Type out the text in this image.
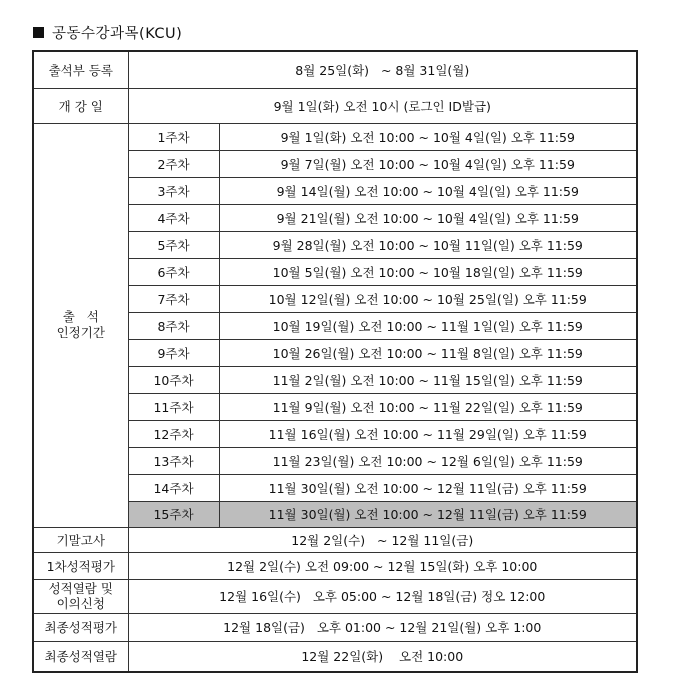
공동수강과목(KCU)
출석부 등록	8월 25일(화)   ~ 8월 31일(월)	
개 강 일	9월 1일(화) 오전 10시 (로그인 ID발급)	
출   석
인정기간	1주차	9월 1일(화) 오전 10:00 ~ 10월 4일(일) 오후 11:59
	2주차	9월 7일(월) 오전 10:00 ~ 10월 4일(일) 오후 11:59
	3주차	9월 14일(월) 오전 10:00 ~ 10월 4일(일) 오후 11:59
	4주차	9월 21일(월) 오전 10:00 ~ 10월 4일(일) 오후 11:59
	5주차	9월 28일(월) 오전 10:00 ~ 10월 11일(일) 오후 11:59
	6주차	10월 5일(월) 오전 10:00 ~ 10월 18일(일) 오후 11:59
	7주차	10월 12일(월) 오전 10:00 ~ 10월 25일(일) 오후 11:59
	8주차	10월 19일(월) 오전 10:00 ~ 11월 1일(일) 오후 11:59
	9주차	10월 26일(월) 오전 10:00 ~ 11월 8일(일) 오후 11:59
	10주차	11월 2일(월) 오전 10:00 ~ 11월 15일(일) 오후 11:59
	11주차	11월 9일(월) 오전 10:00 ~ 11월 22일(일) 오후 11:59
	12주차	11월 16일(월) 오전 10:00 ~ 11월 29일(일) 오후 11:59
	13주차	11월 23일(월) 오전 10:00 ~ 12월 6일(일) 오후 11:59
	14주차	11월 30일(월) 오전 10:00 ~ 12월 11일(금) 오후 11:59
	15주차	11월 30일(월) 오전 10:00 ~ 12월 11일(금) 오후 11:59
기말고사	12월 2일(수)   ~ 12월 11일(금)	
1차성적평가	12월 2일(수) 오전 09:00 ~ 12월 15일(화) 오후 10:00	
성적열람 및
이의신청	12월 16일(수)   오후 05:00 ~ 12월 18일(금) 정오 12:00	
최종성적평가	12월 18일(금)   오후 01:00 ~ 12월 21일(월) 오후 1:00	
최종성적열람	12월 22일(화)    오전 10:00	
